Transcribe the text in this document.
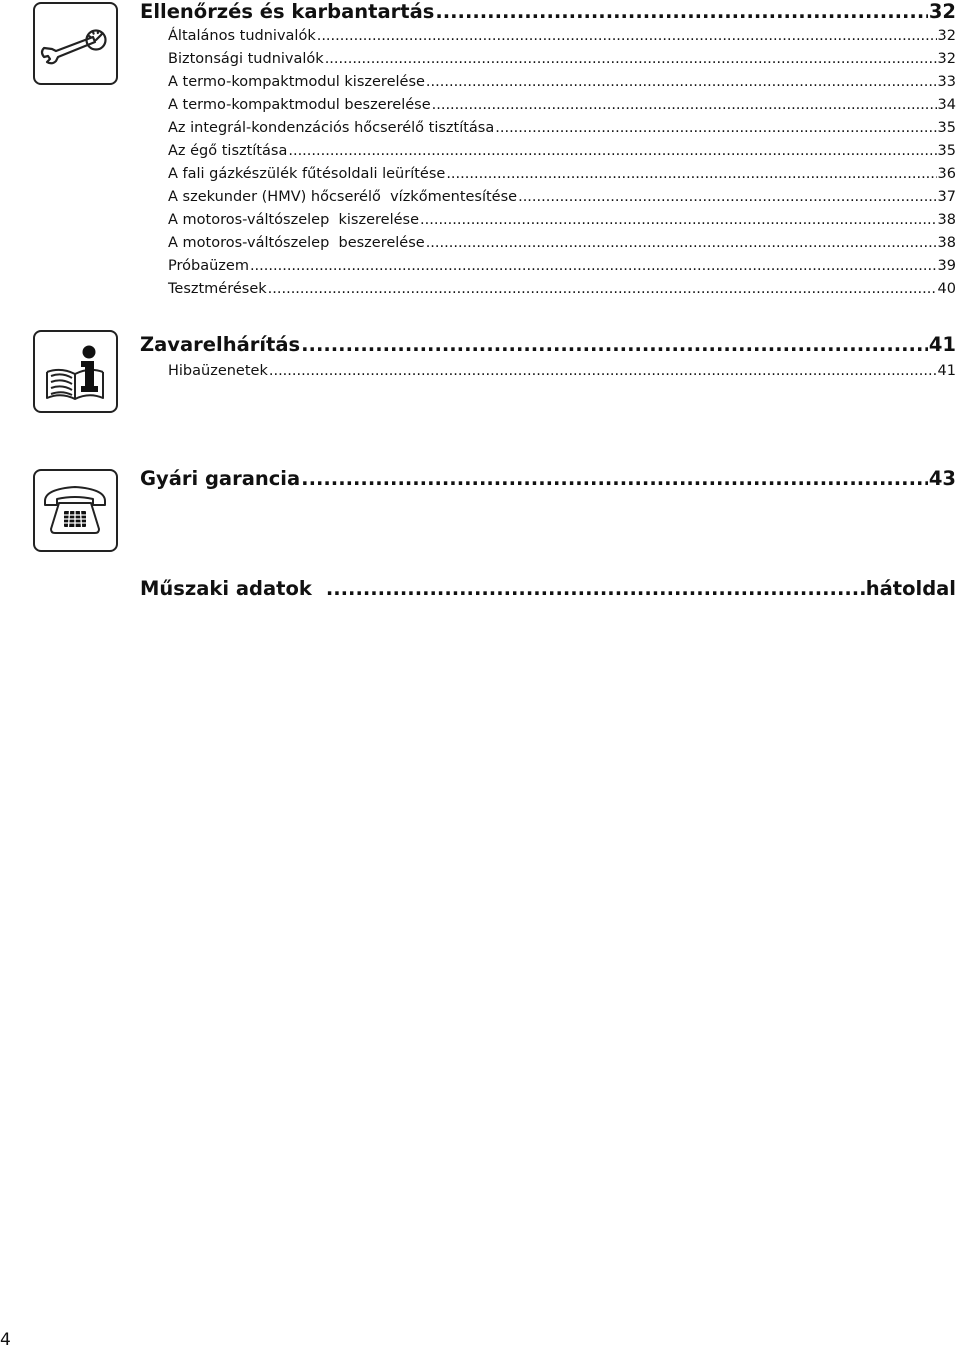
Ellenőrzés és karbantartás .....	32
Általános tudnivalók .....	32
Biztonsági tudnivalók .....	32
A termo-kompaktmodul kiszerelése .....	33
A termo-kompaktmodul beszerelése .....	34
Az integrál-kondenzációs hőcserélő tisztítása .....	35
Az égő tisztítása .....	35
A fali gázkészülék fűtésoldali leürítése .....	36
A szekunder (HMV) hőcserélő  vízkőmentesítése .....	37
A motoros-váltószelep  kiszerelése .....	38
A motoros-váltószelep  beszerelése .....	38
Próbaüzem .....	39
Tesztmérések .....	40
Zavarelhárítás .....	41
Hibaüzenetek .....	41
Gyári garancia .....	43
Műszaki adatok .....	hátoldal
4
